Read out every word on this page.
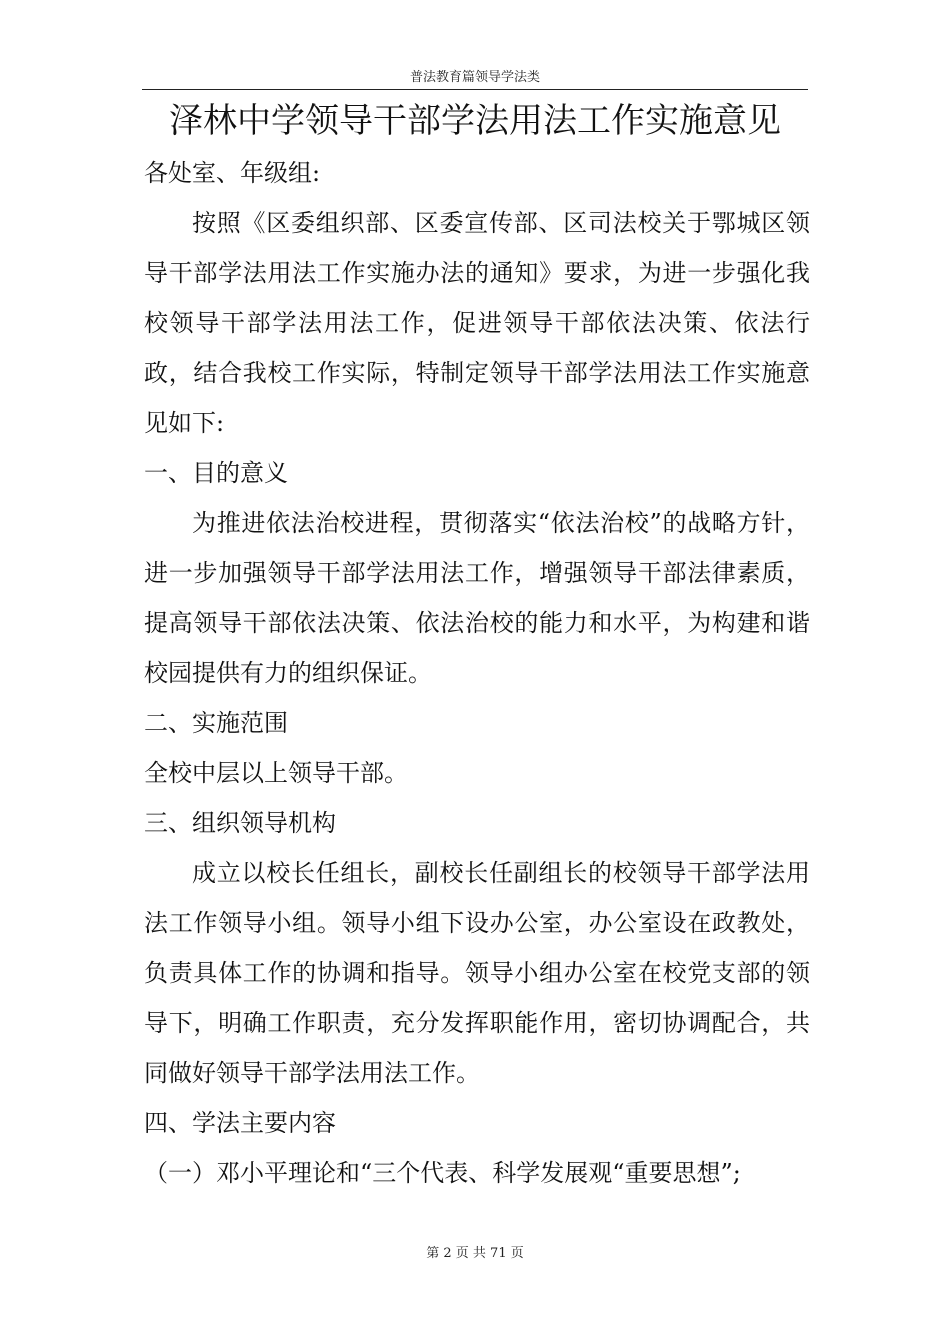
普法教育篇领导学法类
泽林中学领导干部学法用法工作实施意见

各处室、年级组:

按照《区委组织部、区委宣传部、区司法校关于鄂城区领导干部学法用法工作实施办法的通知》要求，为进一步强化我校领导干部学法用法工作，促进领导干部依法决策、依法行政，结合我校工作实际，特制定领导干部学法用法工作实施意见如下:

一、目的意义

为推进依法治校进程，贯彻落实“依法治校”的战略方针，进一步加强领导干部学法用法工作，增强领导干部法律素质，提高领导干部依法决策、依法治校的能力和水平，为构建和谐校园提供有力的组织保证。

二、实施范围

全校中层以上领导干部。

三、组织领导机构

成立以校长任组长，副校长任副组长的校领导干部学法用法工作领导小组。领导小组下设办公室，办公室设在政教处，负责具体工作的协调和指导。领导小组办公室在校党支部的领导下，明确工作职责，充分发挥职能作用，密切协调配合，共同做好领导干部学法用法工作。

四、学法主要内容

（一）邓小平理论和“三个代表、科学发展观“重要思想”;

第 2 页 共 71 页
